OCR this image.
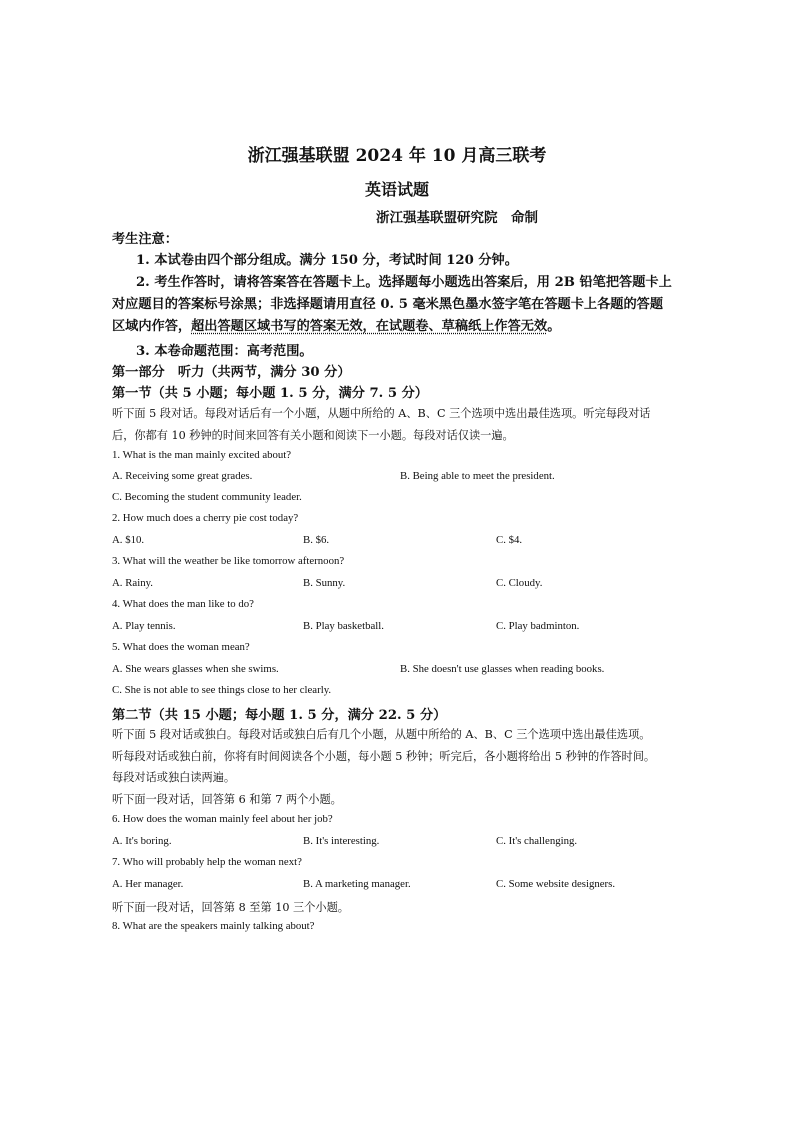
浙江强基联盟 2024 年 10 月高三联考
英语试题
浙江强基联盟研究院　命制
考生注意：
1. 本试卷由四个部分组成。满分 150 分，考试时间 120 分钟。
2. 考生作答时，请将答案答在答题卡上。选择题每小题选出答案后，用 2B 铅笔把答题卡上
对应题目的答案标号涂黑；非选择题请用直径 0. 5 毫米黑色墨水签字笔在答题卡上各题的答题
区域内作答，超出答题区域书写的答案无效，在试题卷、草稿纸上作答无效。
3. 本卷命题范围：高考范围。
第一部分　听力（共两节，满分 30 分）
第一节（共 5 小题；每小题 1. 5 分，满分 7. 5 分）
听下面 5 段对话。每段对话后有一个小题，从题中所给的 A、B、C 三个选项中选出最佳选项。听完每段对话
后，你都有 10 秒钟的时间来回答有关小题和阅读下一小题。每段对话仅读一遍。
1. What is the man mainly excited about?
A. Receiving some great grades.	B. Being able to meet the president.
C. Becoming the student community leader.
2. How much does a cherry pie cost today?
A. $10.	B. $6.	C. $4.
3. What will the weather be like tomorrow afternoon?
A. Rainy.	B. Sunny.	C. Cloudy.
4. What does the man like to do?
A. Play tennis.	B. Play basketball.	C. Play badminton.
5. What does the woman mean?
A. She wears glasses when she swims.	B. She doesn't use glasses when reading books.
C. She is not able to see things close to her clearly.
第二节（共 15 小题；每小题 1. 5 分，满分 22. 5 分）
听下面 5 段对话或独白。每段对话或独白后有几个小题，从题中所给的 A、B、C 三个选项中选出最佳选项。
听每段对话或独白前，你将有时间阅读各个小题，每小题 5 秒钟；听完后，各小题将给出 5 秒钟的作答时间。
每段对话或独白读两遍。
听下面一段对话，回答第 6 和第 7 两个小题。
6. How does the woman mainly feel about her job?
A. It's boring.	B. It's interesting.	C. It's challenging.
7. Who will probably help the woman next?
A. Her manager.	B. A marketing manager.	C. Some website designers.
听下面一段对话，回答第 8 至第 10 三个小题。
8. What are the speakers mainly talking about?
